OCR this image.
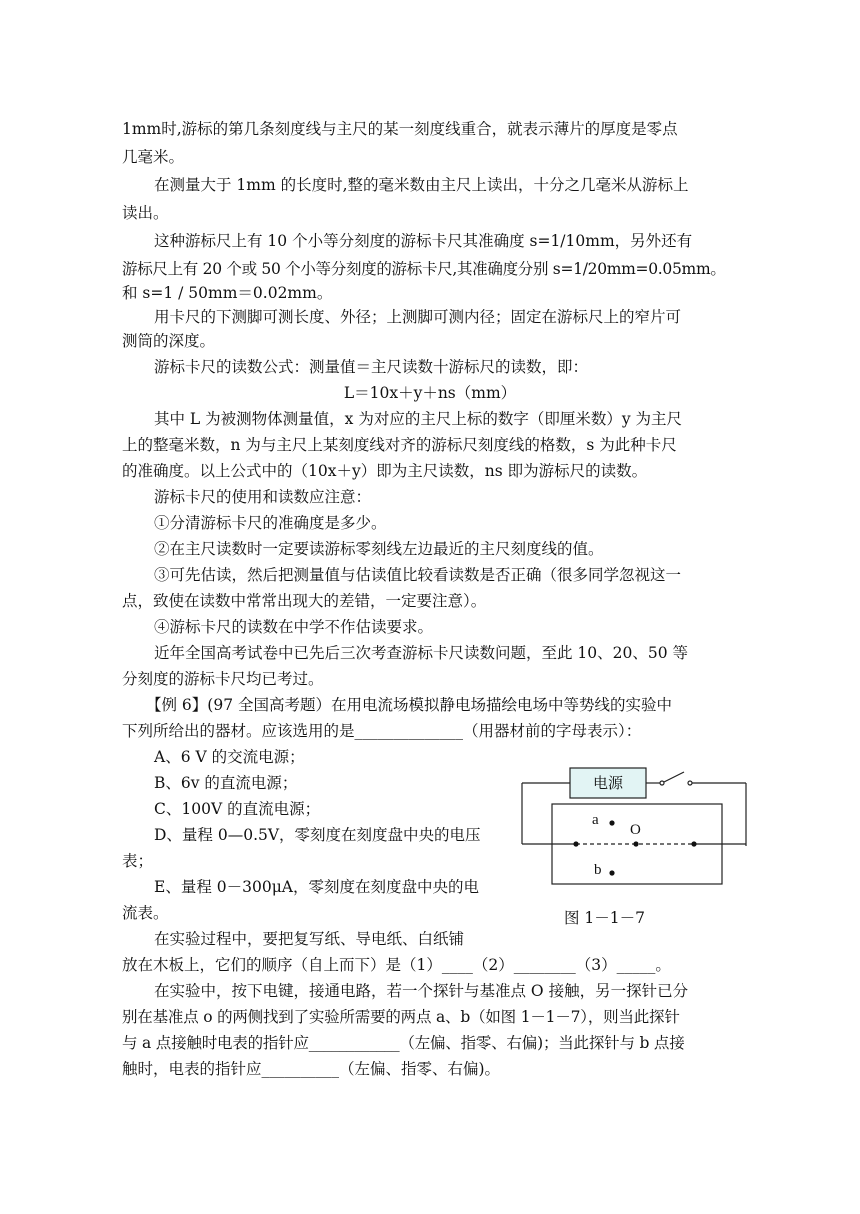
1mm时,游标的第几条刻度线与主尺的某一刻度线重合，就表示薄片的厚度是零点
几毫米。
在测量大于 1mm 的长度时,整的毫米数由主尺上读出，十分之几毫米从游标上
读出。
这种游标尺上有 10 个小等分刻度的游标卡尺其准确度 s=1/10mm，另外还有
游标尺上有 20 个或 50 个小等分刻度的游标卡尺,其准确度分别 s=1/20mm=0.05mm。
和 s=1 / 50mm＝0.02mm。
用卡尺的下测脚可测长度、外径；上测脚可测内径；固定在游标尺上的窄片可
测筒的深度。
游标卡尺的读数公式：测量值＝主尺读数十游标尺的读数，即：
L＝10x＋y＋ns（mm）
其中 L 为被测物体测量值，x 为对应的主尺上标的数字（即厘米数）y 为主尺
上的整毫米数，n 为与主尺上某刻度线对齐的游标尺刻度线的格数，s 为此种卡尺
的准确度。以上公式中的（10x＋y）即为主尺读数，ns 即为游标尺的读数。
游标卡尺的使用和读数应注意：
①分清游标卡尺的准确度是多少。
②在主尺读数时一定要读游标零刻线左边最近的主尺刻度线的值。
③可先估读，然后把测量值与估读值比较看读数是否正确（很多同学忽视这一
点，致使在读数中常常出现大的差错，一定要注意）。
④游标卡尺的读数在中学不作估读要求。
近年全国高考试卷中已先后三次考查游标卡尺读数问题，至此 10、20、50 等
分刻度的游标卡尺均已考过。
【例 6】(97 全国高考题）在用电流场模拟静电场描绘电场中等势线的实验中
下列所给出的器材。应该选用的是______________（用器材前的字母表示）：
A、6 V 的交流电源；
B、6v 的直流电源；
C、100V 的直流电源；
D、量程 0—0.5V，零刻度在刻度盘中央的电压
表；
E、量程 0－300μA，零刻度在刻度盘中央的电
流表。
在实验过程中，要把复写纸、导电纸、白纸铺
放在木板上，它们的顺序（自上而下）是（1）____（2）________（3）_____。
在实验中，按下电键，接通电路，若一个探针与基准点 O 接触，另一探针已分
别在基准点 o 的两侧找到了实验所需要的两点 a、b（如图 1－1－7），则当此探针
与 a 点接触时电表的指针应____________（左偏、指零、右偏)；当此探针与 b 点接
触时，电表的指针应__________（左偏、指零、右偏)。
电源
a
O
b
图 1－1－7
